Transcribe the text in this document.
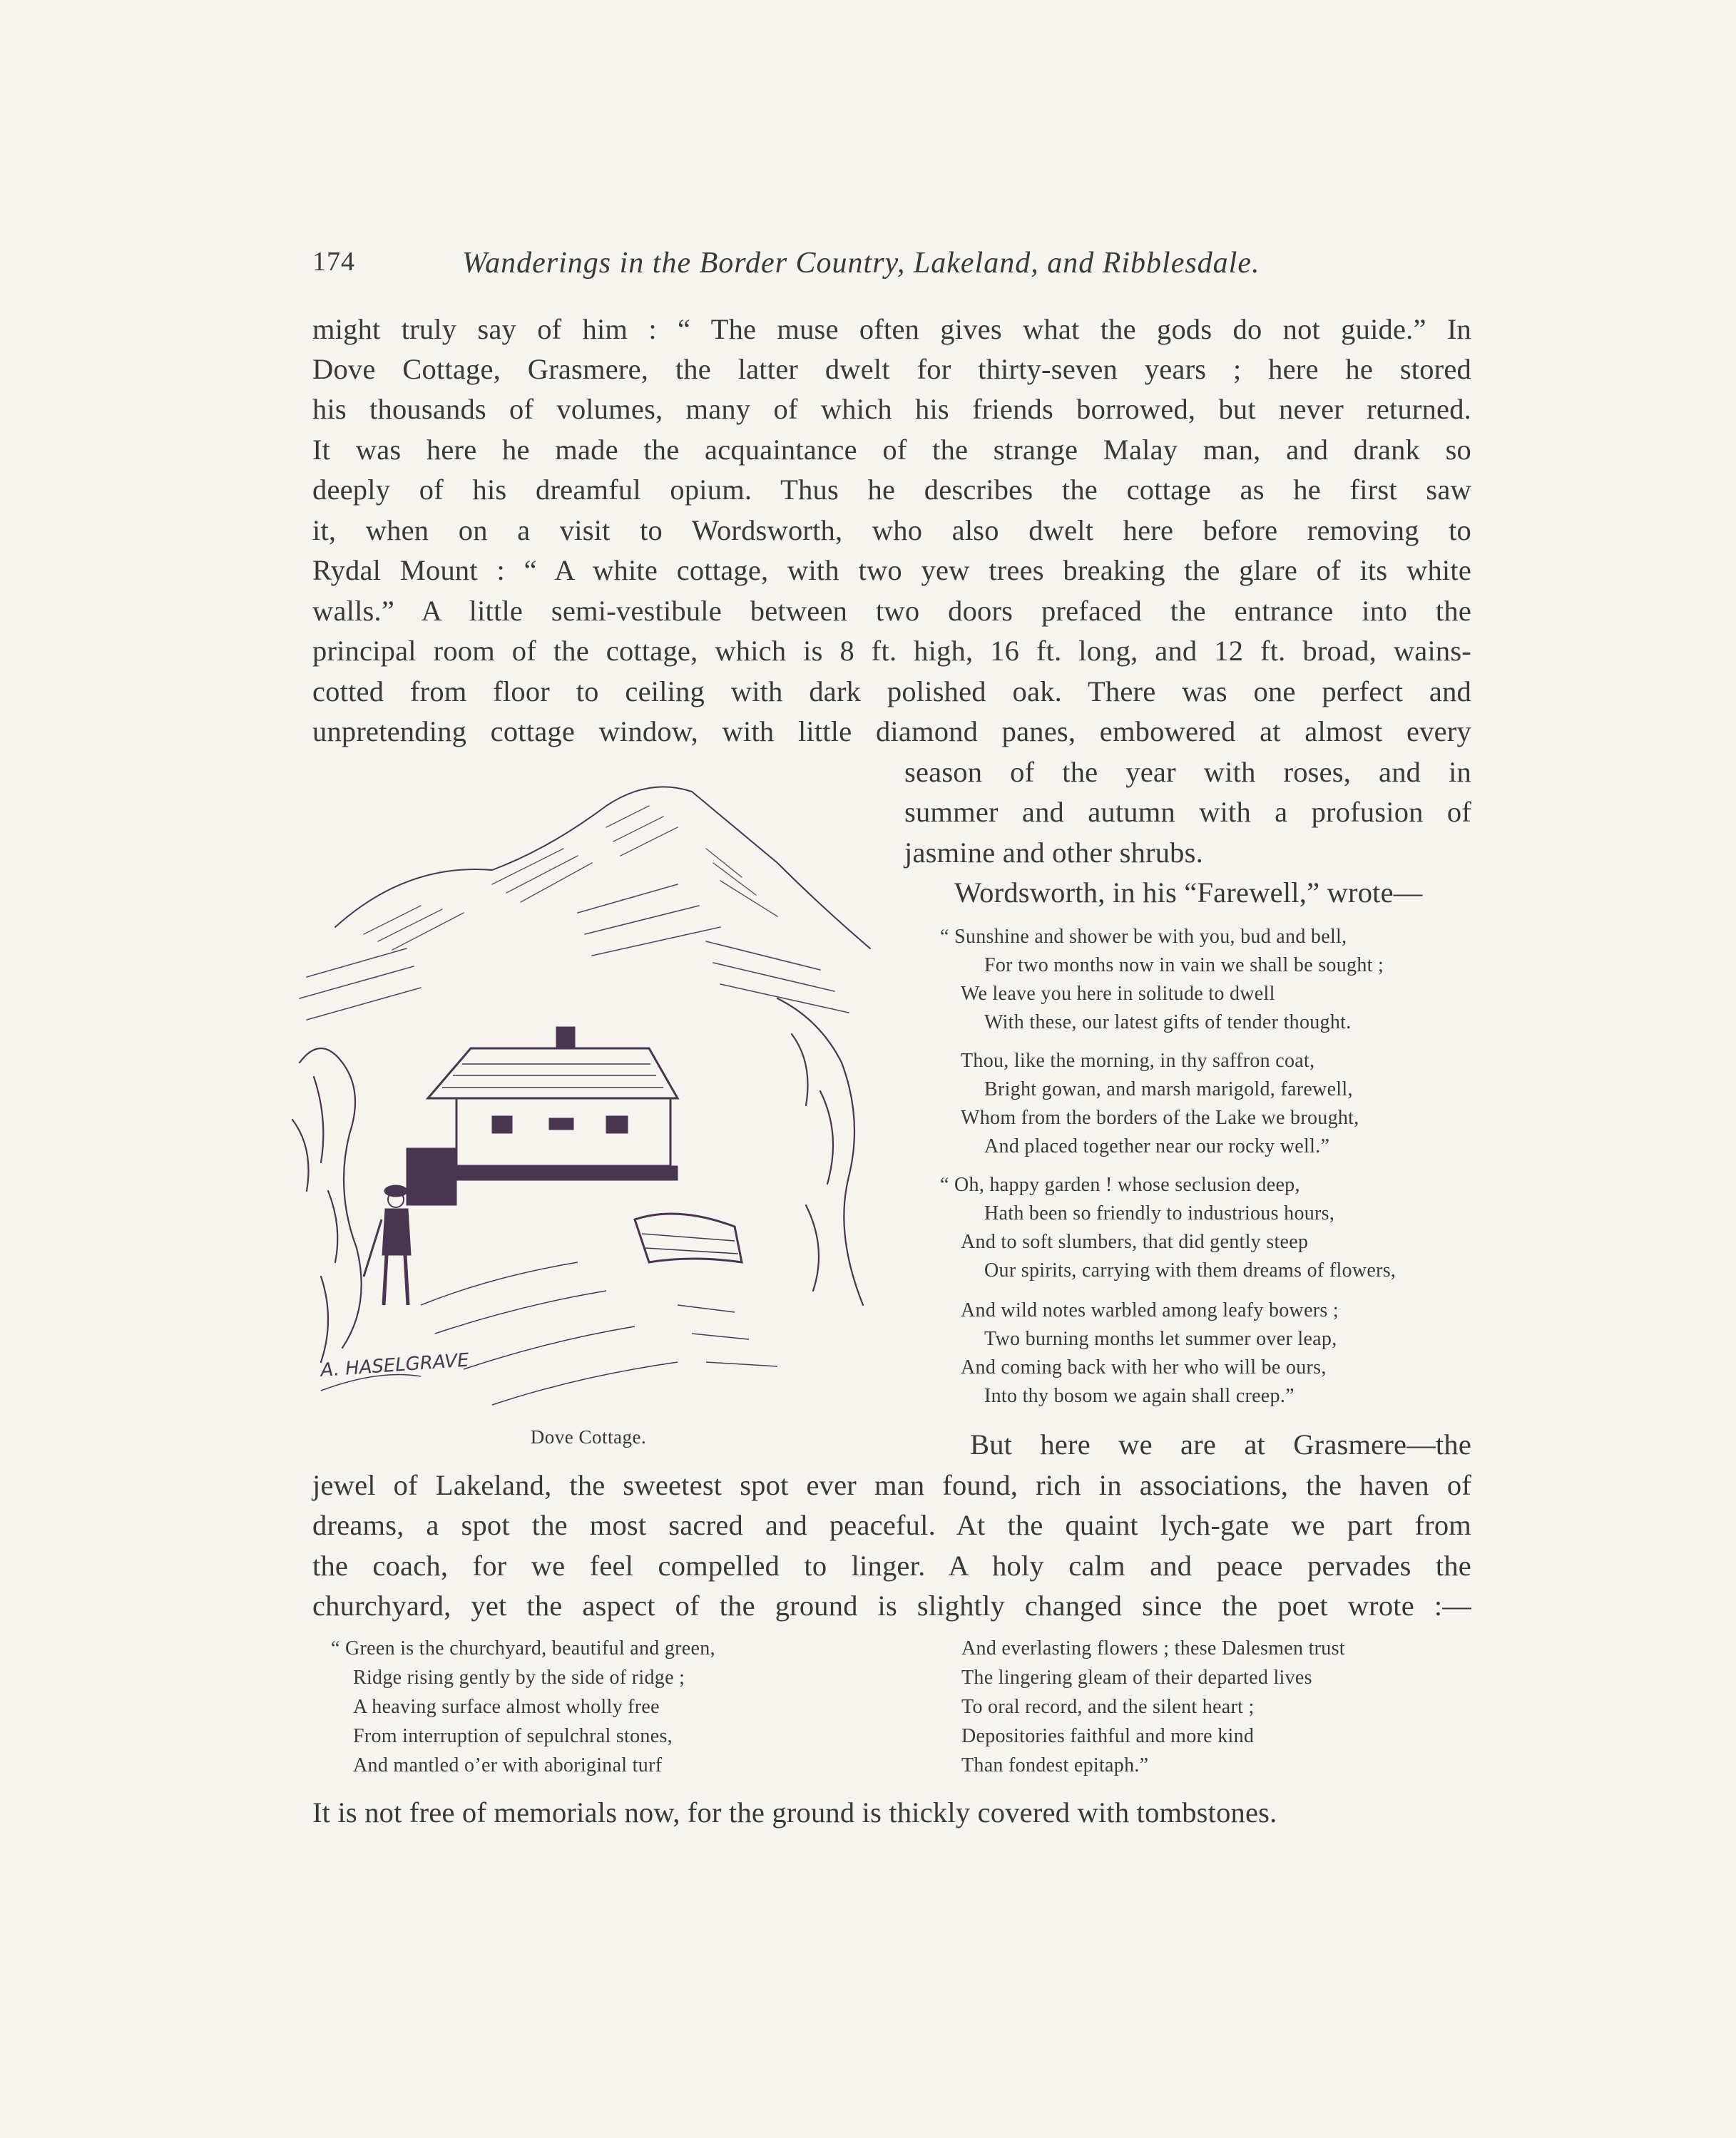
174	Wanderings in the Border Country, Lakeland, and Ribblesdale.
might truly say of him : “ The muse often gives what the gods do not guide.” In
Dove Cottage, Grasmere, the latter dwelt for thirty-seven years ; here he stored
his thousands of volumes, many of which his friends borrowed, but never returned.
It was here he made the acquaintance of the strange Malay man, and drank so
deeply of his dreamful opium. Thus he describes the cottage as he first saw
it, when on a visit to Wordsworth, who also dwelt here before removing to
Rydal Mount : “ A white cottage, with two yew trees breaking the glare of its white
walls.” A little semi-vestibule between two doors prefaced the entrance into the
principal room of the cottage, which is 8 ft. high, 16 ft. long, and 12 ft. broad, wains-
cotted from floor to ceiling with dark polished oak. There was one perfect and
unpretending cottage window, with little diamond panes, embowered at almost every
season of the year with roses, and in
summer and autumn with a profusion of
jasmine and other shrubs.
Wordsworth, in his “Farewell,” wrote—
“ Sunshine and shower be with you, bud and bell,
For two months now in vain we shall be sought ;
We leave you here in solitude to dwell
With these, our latest gifts of tender thought.
Thou, like the morning, in thy saffron coat,
Bright gowan, and marsh marigold, farewell,
Whom from the borders of the Lake we brought,
And placed together near our rocky well.”
“ Oh, happy garden ! whose seclusion deep,
Hath been so friendly to industrious hours,
And to soft slumbers, that did gently steep
Our spirits, carrying with them dreams of flowers,
And wild notes warbled among leafy bowers ;
Two burning months let summer over leap,
And coming back with her who will be ours,
Into thy bosom we again shall creep.”
But here we are at Grasmere—the
jewel of Lakeland, the sweetest spot ever man found, rich in associations, the haven of
dreams, a spot the most sacred and peaceful. At the quaint lych-gate we part from
the coach, for we feel compelled to linger. A holy calm and peace pervades the
churchyard, yet the aspect of the ground is slightly changed since the poet wrote :—
“ Green is the churchyard, beautiful and green,
Ridge rising gently by the side of ridge ;
A heaving surface almost wholly free
From interruption of sepulchral stones,
And mantled o’er with aboriginal turf
And everlasting flowers ; these Dalesmen trust
The lingering gleam of their departed lives
To oral record, and the silent heart ;
Depositories faithful and more kind
Than fondest epitaph.”
It is not free of memorials now, for the ground is thickly covered with tombstones.
A. HASELGRAVE
Dove Cottage.
